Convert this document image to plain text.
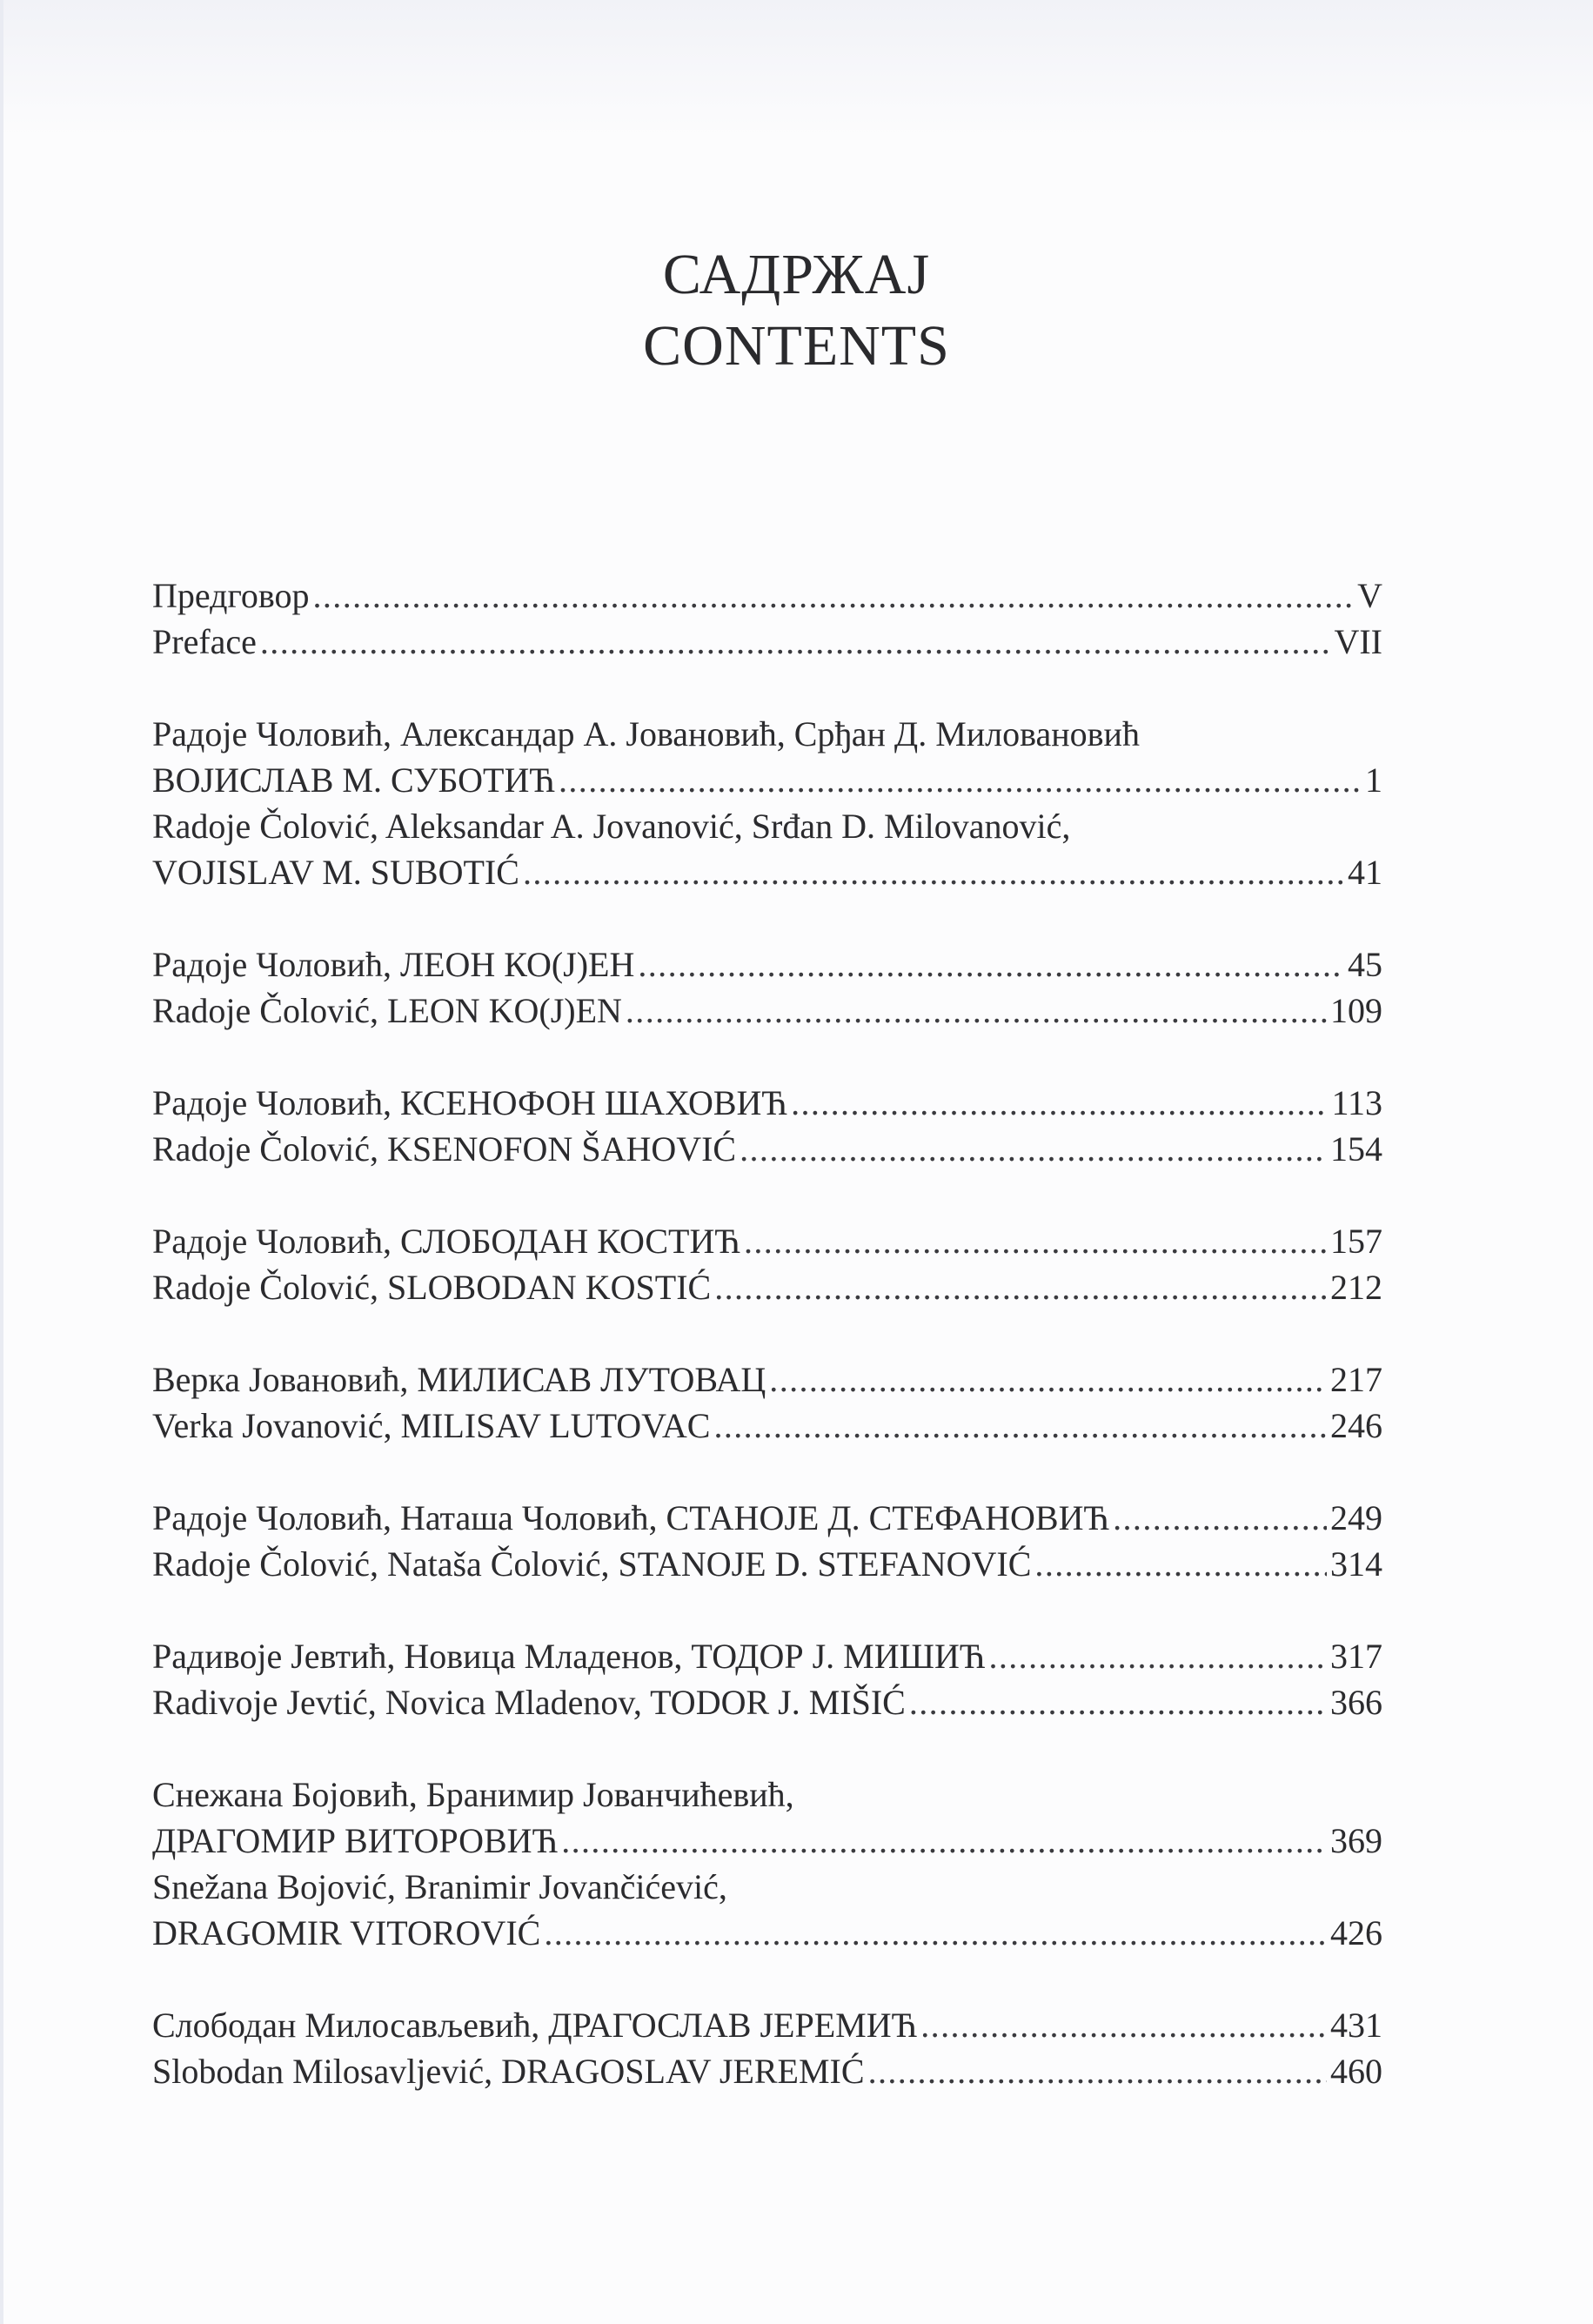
САДРЖАЈ
CONTENTS
Предговор .....	V
Preface .....	VII
Радоје Чоловић, Александар А. Јовановић, Срђан Д. Миловановић
ВОЈИСЛАВ М. СУБОТИЋ .....	1
Radoje Čolović, Aleksandar A. Jovanović, Srđan D. Milovanović,
VOJISLAV M. SUBOTIĆ .....	41
Радоје Чоловић, ЛЕОН КО(Ј)ЕН .....	45
Radoje Čolović, LEON KO(J)EN .....	109
Радоје Чоловић, КСЕНОФОН ШАХОВИЋ .....	113
Radoje Čolović, KSENOFON ŠAHOVIĆ .....	154
Радоје Чоловић, СЛОБОДАН КОСТИЋ .....	157
Radoje Čolović, SLOBODAN KOSTIĆ .....	212
Верка Јовановић, МИЛИСАВ ЛУТОВАЦ .....	217
Verka Jovanović, MILISAV LUTOVAC .....	246
Радоје Чоловић, Наташа Чоловић, СТАНОЈЕ Д. СТЕФАНОВИЋ .....	249
Radoje Čolović, Nataša Čolović, STANOJE D. STEFANOVIĆ .....	314
Радивоје Јевтић, Новица Младенов, ТОДОР Ј. МИШИЋ .....	317
Radivoje Jevtić, Novica Mladenov, TODOR J. MIŠIĆ .....	366
Снежана Бојовић, Бранимир Јованчићевић,
ДРАГОМИР ВИТОРОВИЋ .....	369
Snežana Bojović, Branimir Jovančićević,
DRAGOMIR VITOROVIĆ .....	426
Слободан Милосављевић, ДРАГОСЛАВ ЈЕРЕМИЋ .....	431
Slobodan Milosavljević, DRAGOSLAV JEREMIĆ .....	460
